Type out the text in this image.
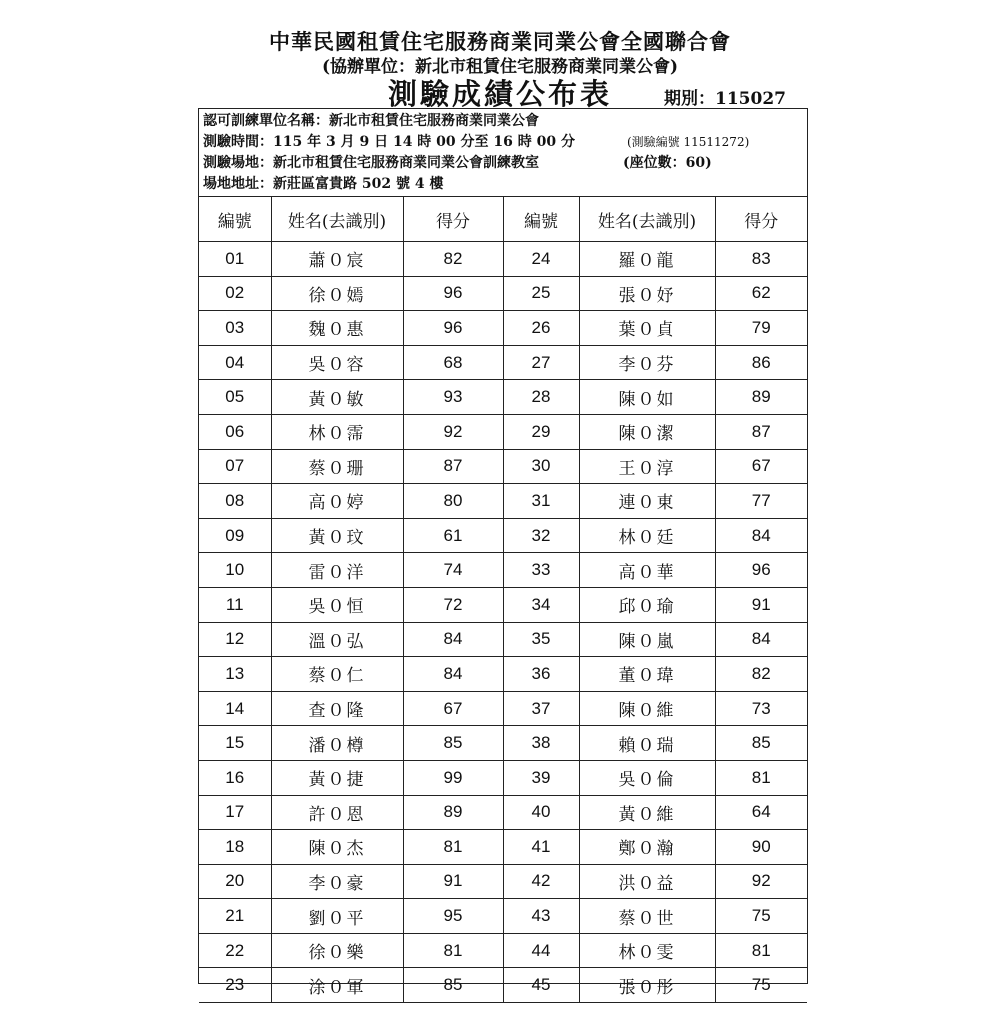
中華民國租賃住宅服務商業同業公會全國聯合會
(協辦單位：新北市租賃住宅服務商業同業公會)
測驗成績公布表	期別：115027
認可訓練單位名稱：新北市租賃住宅服務商業同業公會
測驗時間：115 年 3 月 9 日 14 時 00 分至 16 時 00 分	(測驗編號 11511272)
測驗場地：新北市租賃住宅服務商業同業公會訓練教室	(座位數：60)
場地地址：新莊區富貴路 502 號 4 樓
編號	姓名(去識別)	得分	編號	姓名(去識別)	得分
01	蕭０宸	82	24	羅０龍	83
02	徐０嫣	96	25	張０妤	62
03	魏０惠	96	26	葉０貞	79
04	吳０容	68	27	李０芬	86
05	黃０敏	93	28	陳０如	89
06	林０霈	92	29	陳０潔	87
07	蔡０珊	87	30	王０淳	67
08	高０婷	80	31	連０東	77
09	黃０玟	61	32	林０廷	84
10	雷０洋	74	33	高０華	96
11	吳０恒	72	34	邱０瑜	91
12	溫０弘	84	35	陳０嵐	84
13	蔡０仁	84	36	董０瑋	82
14	查０隆	67	37	陳０維	73
15	潘０樽	85	38	賴０瑞	85
16	黃０捷	99	39	吳０倫	81
17	許０恩	89	40	黃０維	64
18	陳０杰	81	41	鄭０瀚	90
20	李０豪	91	42	洪０益	92
21	劉０平	95	43	蔡０世	75
22	徐０樂	81	44	林０雯	81
23	涂０軍	85	45	張０彤	75
